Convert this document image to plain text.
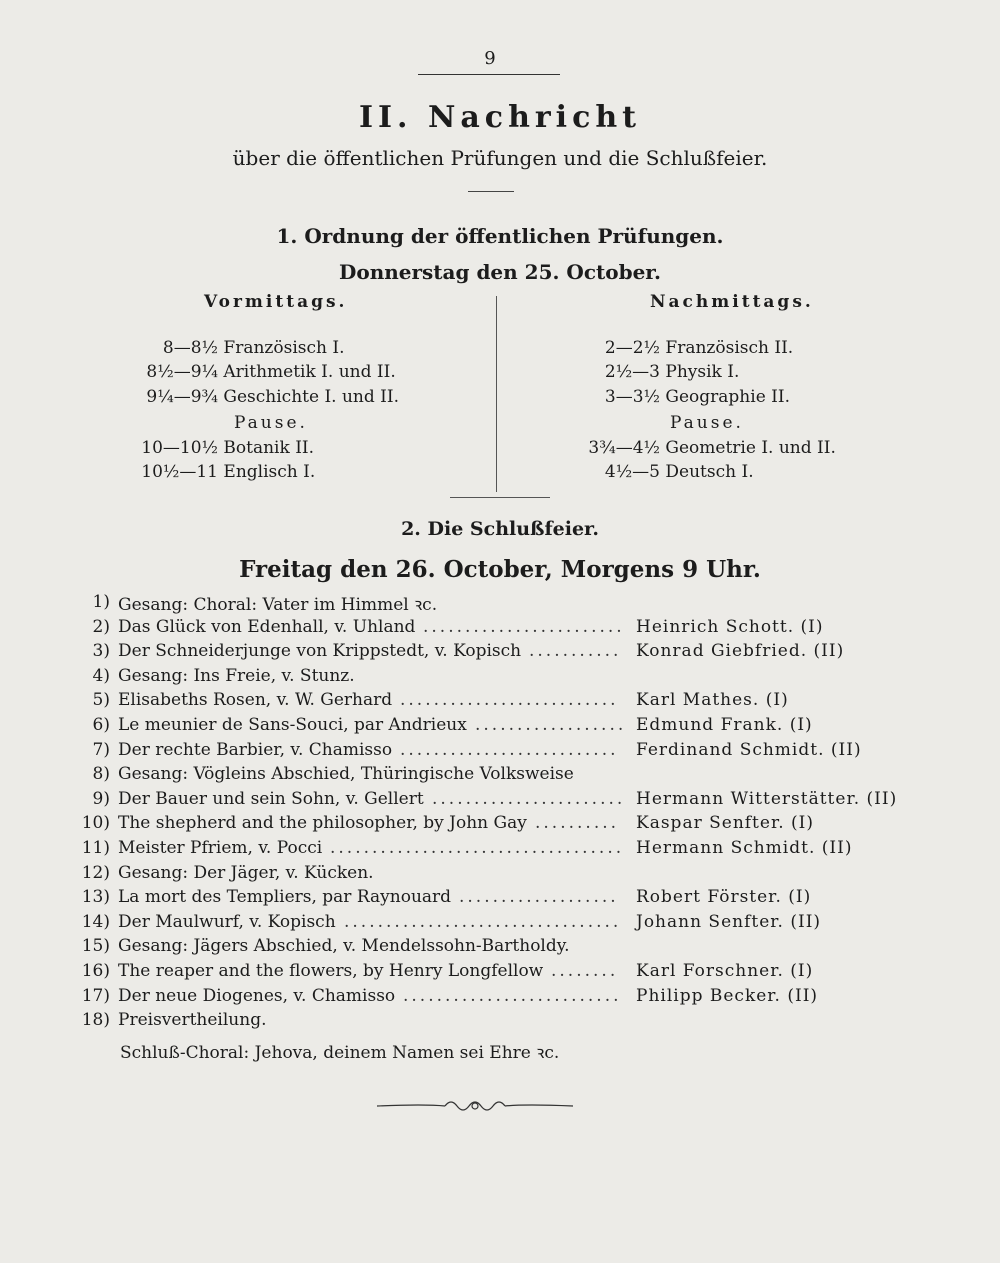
9
II. Nachricht
über die öffentlichen Prüfungen und die Schlußfeier.
1. Ordnung der öffentlichen Prüfungen.
Donnerstag den 25. October.
Vormittags.	Nachmittags.
8—8½ Französisch I.
8½—9¼ Arithmetik I. und II.
9¼—9¾ Geschichte I. und II.
Pause.
10—10½ Botanik II.
10½—11 Englisch I.
2—2½ Französisch II.
2½—3 Physik I.
3—3½ Geographie II.
Pause.
3¾—4½ Geometrie I. und II.
4½—5 Deutsch I.
2. Die Schlußfeier.
Freitag den 26. October, Morgens 9 Uhr.
1) Gesang: Choral: Vater im Himmel ꝛc.
2) Das Glück von Edenhall, v. Uhland ........................ Heinrich Schott. (I)
3) Der Schneiderjunge von Krippstedt, v. Kopisch ........... Konrad Giebfried. (II)
4) Gesang: Ins Freie, v. Stunz.
5) Elisabeths Rosen, v. W. Gerhard .......................... Karl Mathes. (I)
6) Le meunier de Sans-Souci, par Andrieux .................. Edmund Frank. (I)
7) Der rechte Barbier, v. Chamisso .......................... Ferdinand Schmidt. (II)
8) Gesang: Vögleins Abschied, Thüringische Volksweise
9) Der Bauer und sein Sohn, v. Gellert ....................... Hermann Witterstätter. (II)
10) The shepherd and the philosopher, by John Gay .......... Kaspar Senfter. (I)
11) Meister Pfriem, v. Pocci ................................... Hermann Schmidt. (II)
12) Gesang: Der Jäger, v. Kücken.
13) La mort des Templiers, par Raynouard ................... Robert Förster. (I)
14) Der Maulwurf, v. Kopisch ................................. Johann Senfter. (II)
15) Gesang: Jägers Abschied, v. Mendelssohn-Bartholdy.
16) The reaper and the flowers, by Henry Longfellow ........ Karl Forschner. (I)
17) Der neue Diogenes, v. Chamisso .......................... Philipp Becker. (II)
18) Preisvertheilung.
Schluß-Choral: Jehova, deinem Namen sei Ehre ꝛc.
